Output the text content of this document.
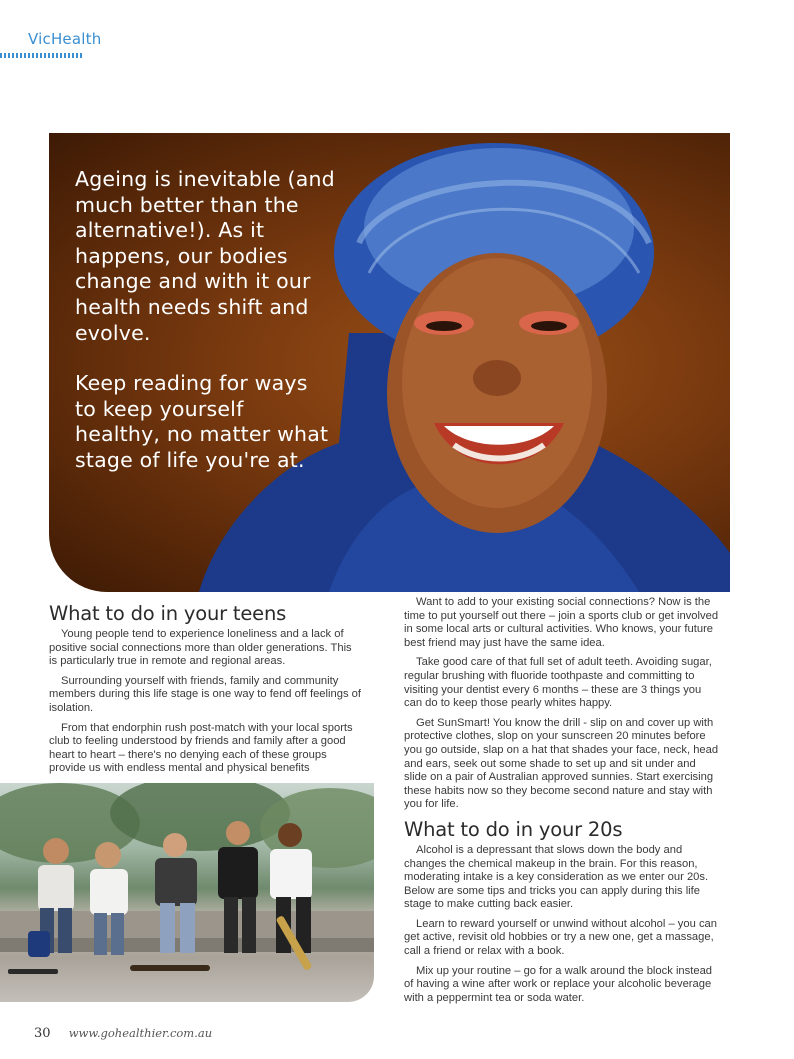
VicHealth

Ageing is inevitable (and much better than the alternative!). As it happens, our bodies change and with it our health needs shift and evolve.

Keep reading for ways to keep yourself healthy, no matter what stage of life you're at.

What to do in your teens

Young people tend to experience loneliness and a lack of positive social connections more than older generations. This is particularly true in remote and regional areas.

Surrounding yourself with friends, family and community members during this life stage is one way to fend off feelings of isolation.

From that endorphin rush post-match with your local sports club to feeling understood by friends and family after a good heart to heart – there's no denying each of these groups provide us with endless mental and physical benefits

Want to add to your existing social connections? Now is the time to put yourself out there – join a sports club or get involved in some local arts or cultural activities. Who knows, your future best friend may just have the same idea.

Take good care of that full set of adult teeth. Avoiding sugar, regular brushing with fluoride toothpaste and committing to visiting your dentist every 6 months – these are 3 things you can do to keep those pearly whites happy.

Get SunSmart! You know the drill - slip on and cover up with protective clothes, slop on your sunscreen 20 minutes before you go outside, slap on a hat that shades your face, neck, head and ears, seek out some shade to set up and sit under and slide on a pair of Australian approved sunnies. Start exercising these habits now so they become second nature and stay with you for life.

What to do in your 20s

Alcohol is a depressant that slows down the body and changes the chemical makeup in the brain. For this reason, moderating intake is a key consideration as we enter our 20s. Below are some tips and tricks you can apply during this life stage to make cutting back easier.

Learn to reward yourself or unwind without alcohol – you can get active, revisit old hobbies or try a new one, get a massage, call a friend or relax with a book.

Mix up your routine – go for a walk around the block instead of having a wine after work or replace your alcoholic beverage with a peppermint tea or soda water.

30 www.gohealthier.com.au
